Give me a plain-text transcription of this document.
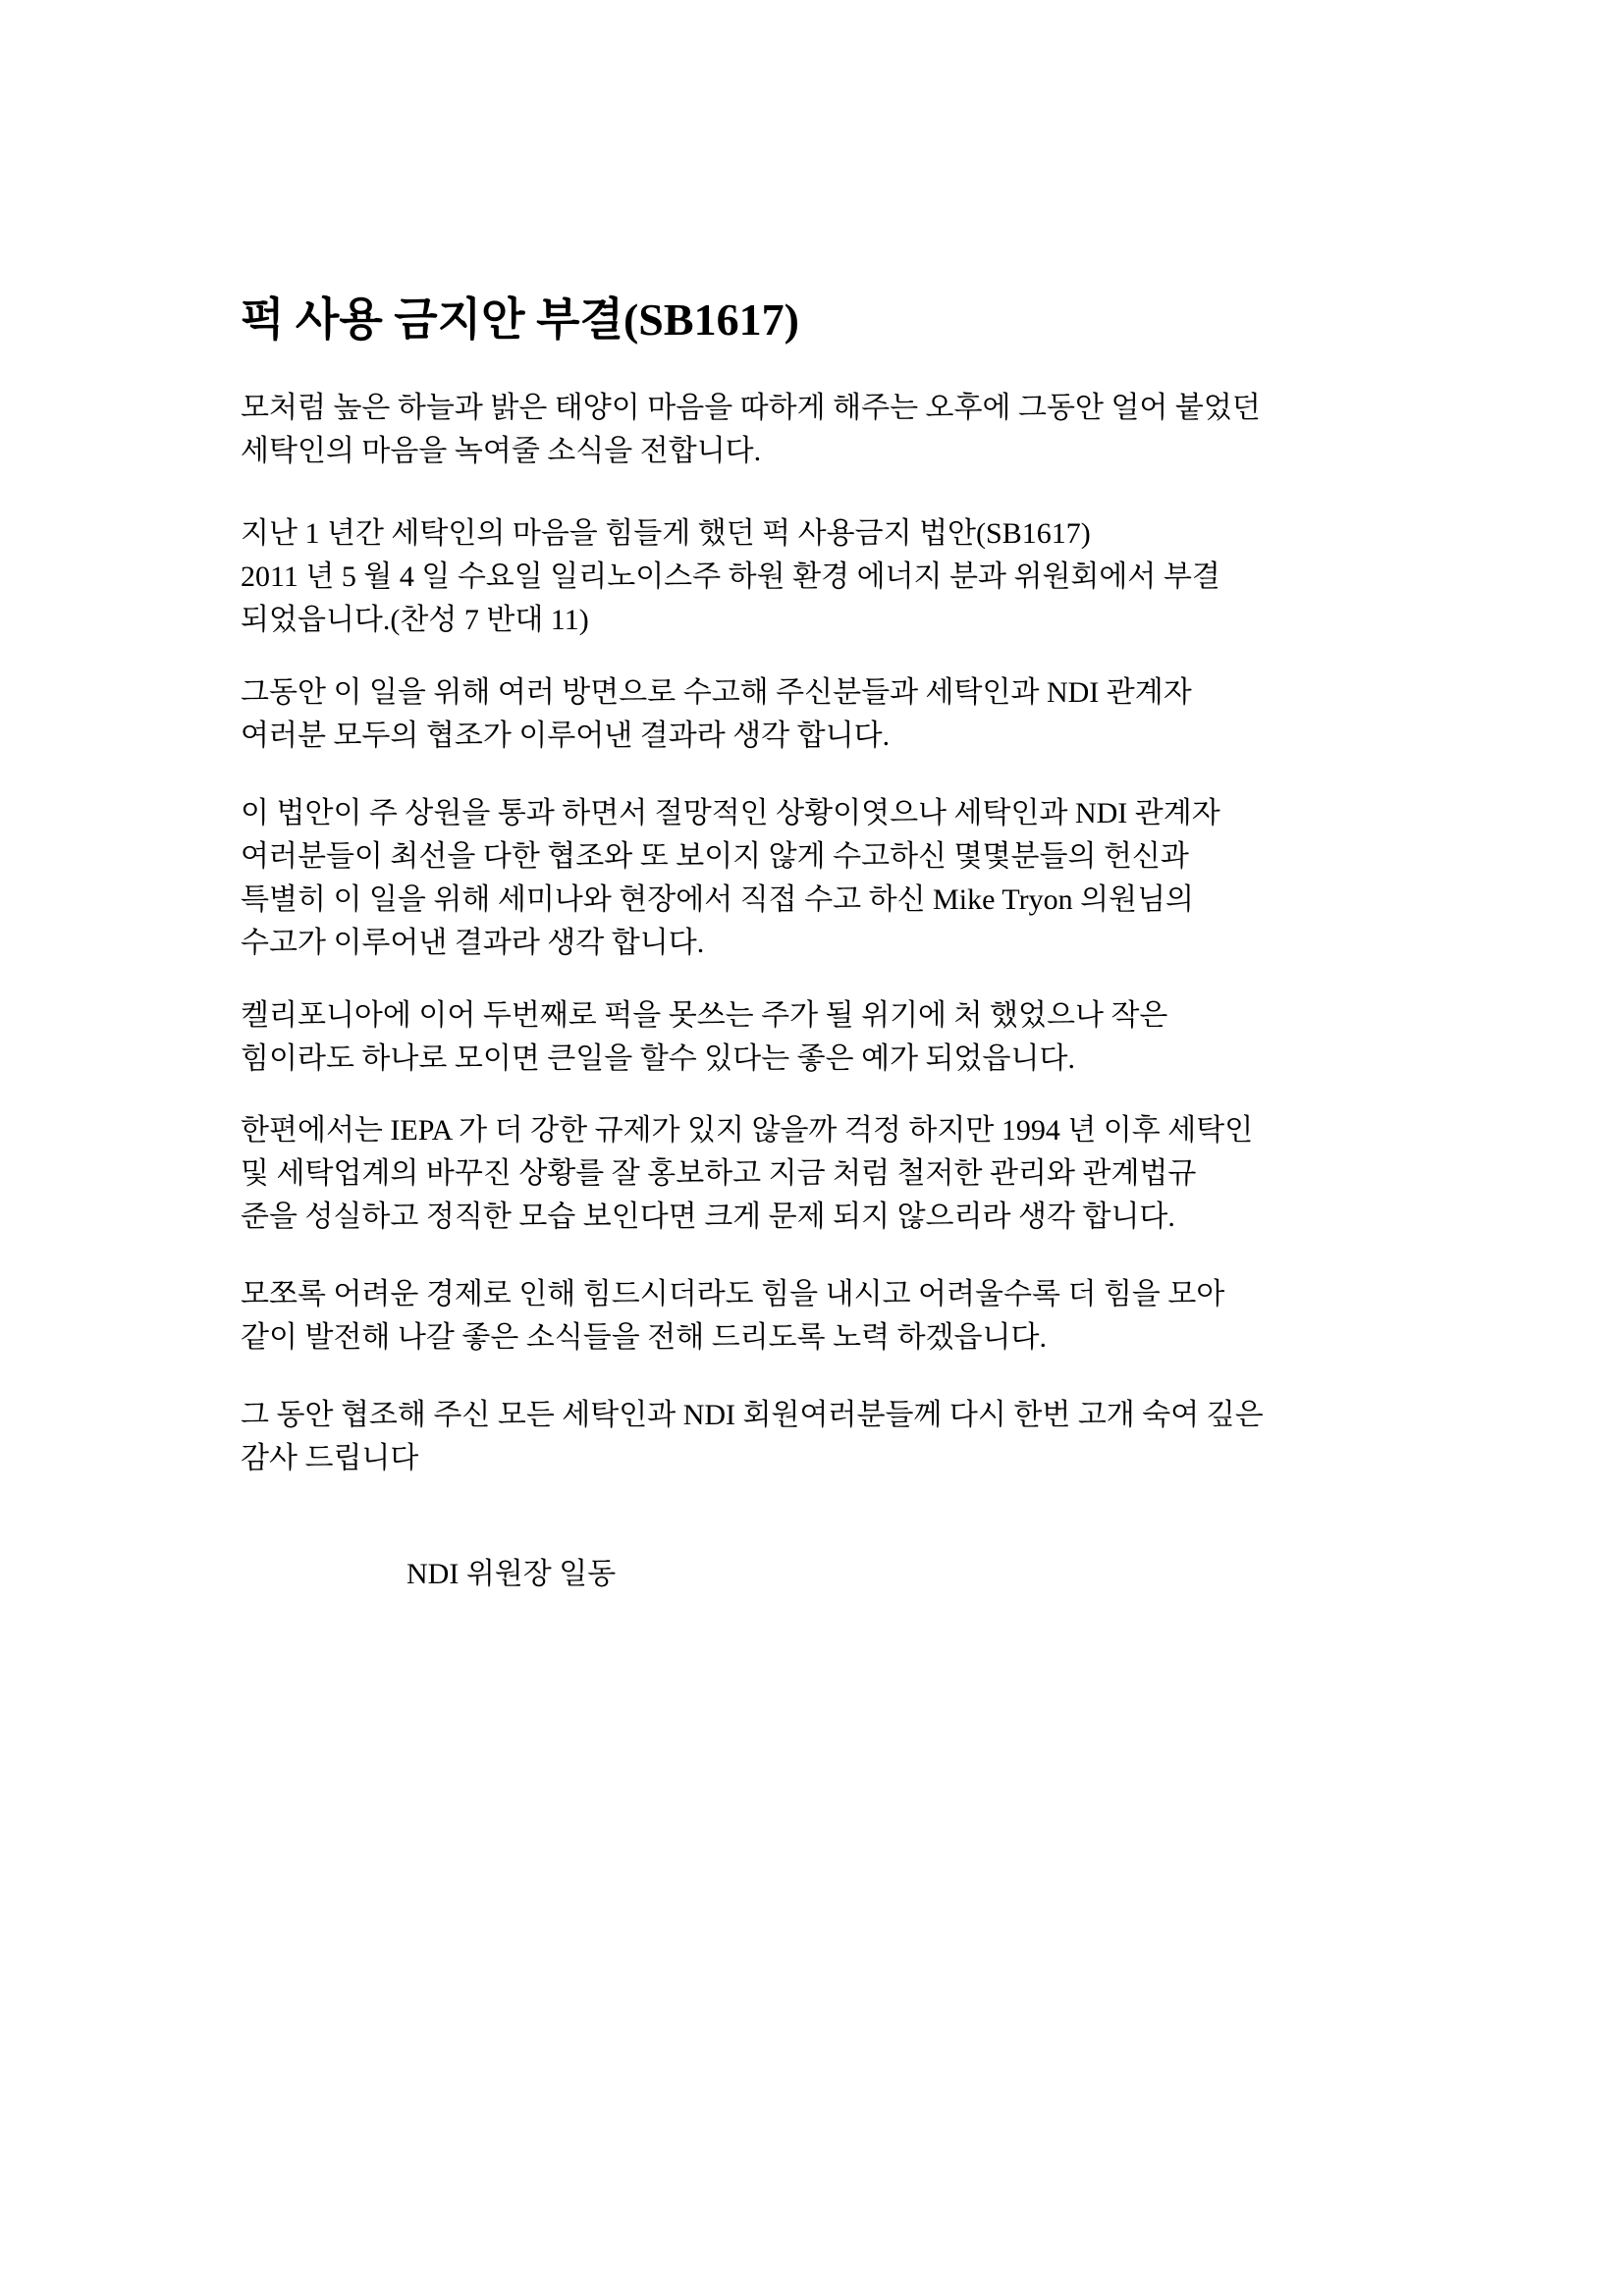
퍽 사용 금지안 부결(SB1617)

모처럼 높은 하늘과 밝은 태양이 마음을 따하게 해주는 오후에 그동안 얼어 붙었던
세탁인의 마음을 녹여줄 소식을 전합니다.

지난 1 년간 세탁인의 마음을 힘들게 했던 퍽 사용금지 법안(SB1617)
2011 년 5 월 4 일 수요일 일리노이스주 하원 환경 에너지 분과 위원회에서 부결
되었읍니다.(찬성 7 반대 11)

그동안 이 일을 위해 여러 방면으로 수고해 주신분들과 세탁인과 NDI 관계자
여러분 모두의 협조가 이루어낸 결과라 생각 합니다.

이 법안이 주 상원을 통과 하면서 절망적인 상황이엿으나 세탁인과 NDI 관계자
여러분들이 최선을 다한 협조와 또 보이지 않게 수고하신 몇몇분들의 헌신과
특별히 이 일을 위해 세미나와 현장에서 직접 수고 하신 Mike Tryon 의원님의
수고가 이루어낸 결과라 생각 합니다.

켈리포니아에 이어 두번째로 퍽을 못쓰는 주가 될 위기에 처 했었으나 작은
힘이라도 하나로 모이면 큰일을 할수 있다는 좋은 예가 되었읍니다.

한편에서는 IEPA 가 더 강한 규제가 있지 않을까 걱정 하지만 1994 년 이후 세탁인
및 세탁업계의 바꾸진 상황를 잘 홍보하고 지금 처럼 철저한 관리와 관계법규
준을 성실하고 정직한 모습 보인다면 크게 문제 되지 않으리라 생각 합니다.

모쪼록 어려운 경제로 인해 힘드시더라도 힘을 내시고 어려울수록 더 힘을 모아
같이 발전해 나갈 좋은 소식들을 전해 드리도록 노력 하겠읍니다.

그 동안 협조해 주신 모든 세탁인과 NDI 회원여러분들께 다시 한번 고개 숙여 깊은
감사 드립니다

NDI 위원장 일동
